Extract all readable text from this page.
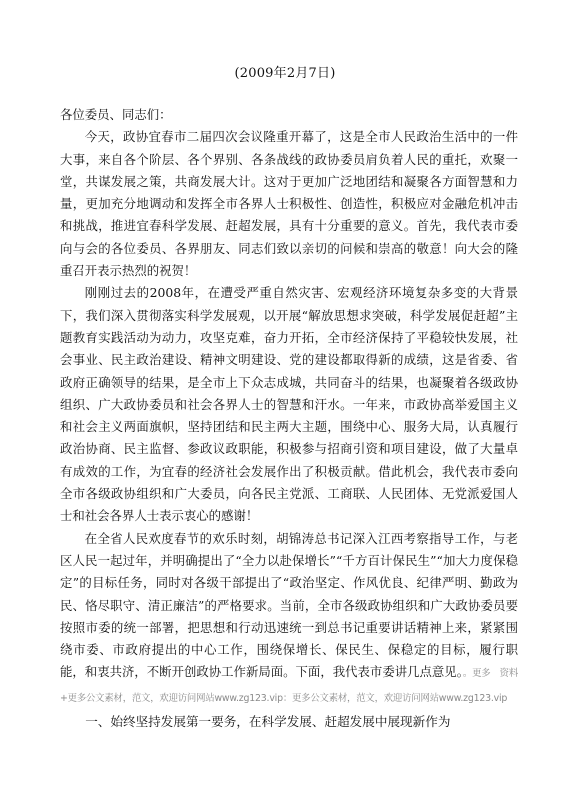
(2009年2月7日)

各位委员、同志们：

今天，政协宜春市二届四次会议隆重开幕了，这是全市人民政治生活中的一件大事，来自各个阶层、各个界别、各条战线的政协委员肩负着人民的重托，欢聚一堂，共谋发展之策，共商发展大计。这对于更加广泛地团结和凝聚各方面智慧和力量，更加充分地调动和发挥全市各界人士积极性、创造性，积极应对金融危机冲击和挑战，推进宜春科学发展、赶超发展，具有十分重要的意义。首先，我代表市委向与会的各位委员、各界朋友、同志们致以亲切的问候和崇高的敬意！向大会的隆重召开表示热烈的祝贺！

刚刚过去的2008年，在遭受严重自然灾害、宏观经济环境复杂多变的大背景下，我们深入贯彻落实科学发展观，以开展“解放思想求突破，科学发展促赶超”主题教育实践活动为动力，攻坚克难，奋力开拓，全市经济保持了平稳较快发展，社会事业、民主政治建设、精神文明建设、党的建设都取得新的成绩，这是省委、省政府正确领导的结果，是全市上下众志成城，共同奋斗的结果，也凝聚着各级政协组织、广大政协委员和社会各界人士的智慧和汗水。一年来，市政协高举爱国主义和社会主义两面旗帜，坚持团结和民主两大主题，围绕中心、服务大局，认真履行政治协商、民主监督、参政议政职能，积极参与招商引资和项目建设，做了大量卓有成效的工作，为宜春的经济社会发展作出了积极贡献。借此机会，我代表市委向全市各级政协组织和广大委员，向各民主党派、工商联、人民团体、无党派爱国人士和社会各界人士表示衷心的感谢！

在全省人民欢度春节的欢乐时刻，胡锦涛总书记深入江西考察指导工作，与老区人民一起过年，并明确提出了“全力以赴保增长”“千方百计保民生”“加大力度保稳定”的目标任务，同时对各级干部提出了“政治坚定、作风优良、纪律严明、勤政为民、恪尽职守、清正廉洁”的严格要求。当前，全市各级政协组织和广大政协委员要按照市委的统一部署，把思想和行动迅速统一到总书记重要讲话精神上来，紧紧围绕市委、市政府提出的中心工作，围绕保增长、保民生、保稳定的目标，履行职能，和衷共济，不断开创政协工作新局面。下面，我代表市委讲几点意见。。更多　资料+更多公文素材，范文，欢迎访问网站www.zg123.vip：更多公文素材，范文，欢迎访问网站www.zg123.vip

一、始终坚持发展第一要务，在科学发展、赶超发展中展现新作为
